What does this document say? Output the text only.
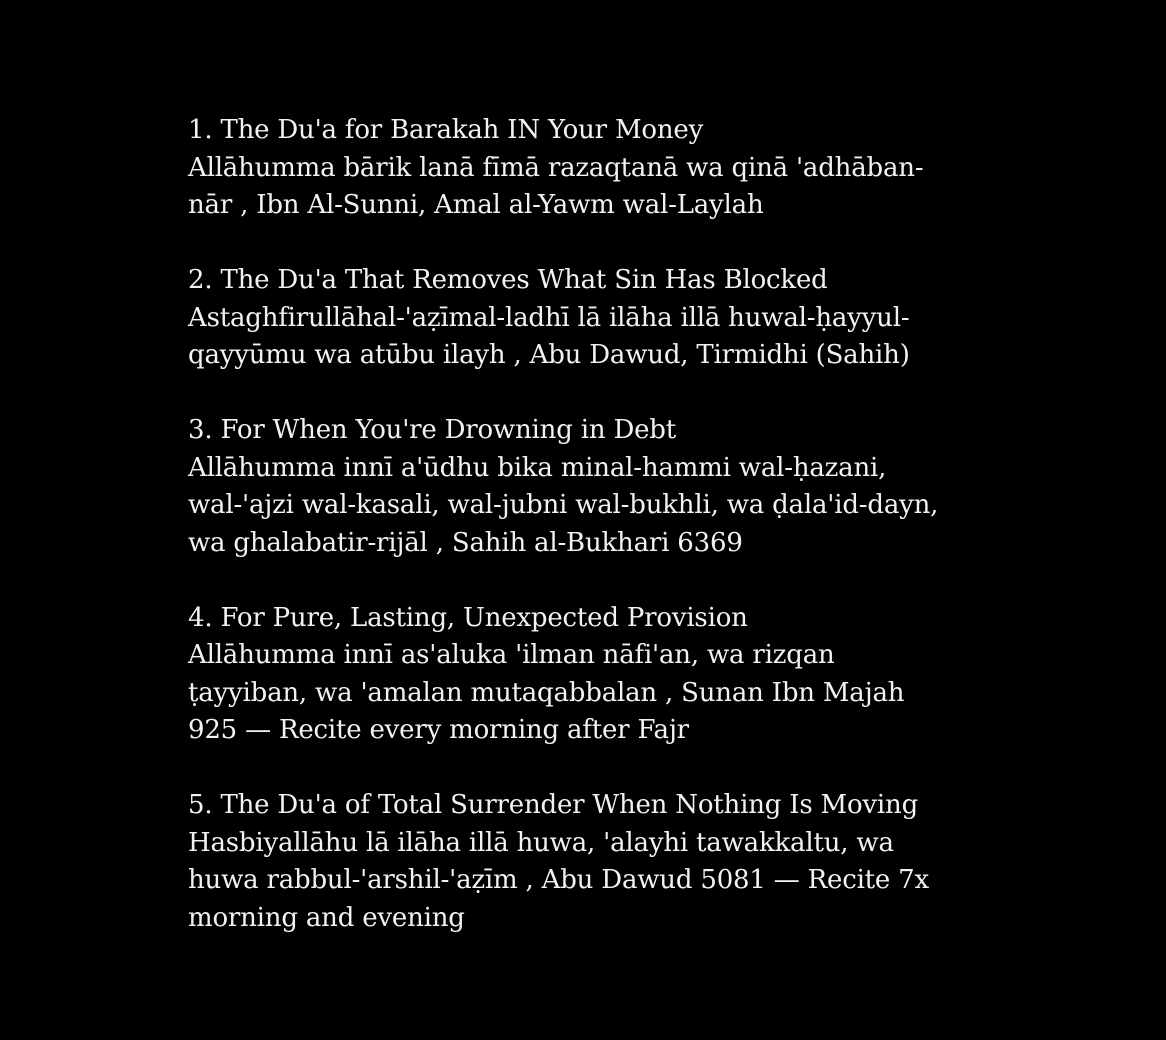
1. The Du'a for Barakah IN Your Money
Allāhumma bārik lanā fīmā razaqtanā wa qinā 'adhāban-
nār , Ibn Al-Sunni, Amal al-Yawm wal-Laylah
2. The Du'a That Removes What Sin Has Blocked
Astaghfirullāhal-'aẓīmal-ladhī lā ilāha illā huwal-ḥayyul-
qayyūmu wa atūbu ilayh , Abu Dawud, Tirmidhi (Sahih)
3. For When You're Drowning in Debt
Allāhumma innī a'ūdhu bika minal-hammi wal-ḥazani,
wal-'ajzi wal-kasali, wal-jubni wal-bukhli, wa ḍala'id-dayn,
wa ghalabatir-rijāl , Sahih al-Bukhari 6369
4. For Pure, Lasting, Unexpected Provision
Allāhumma innī as'aluka 'ilman nāfi'an, wa rizqan
ṭayyiban, wa 'amalan mutaqabbalan , Sunan Ibn Majah
925 — Recite every morning after Fajr
5. The Du'a of Total Surrender When Nothing Is Moving
Hasbiyallāhu lā ilāha illā huwa, 'alayhi tawakkaltu, wa
huwa rabbul-'arshil-'aẓīm , Abu Dawud 5081 — Recite 7x
morning and evening
